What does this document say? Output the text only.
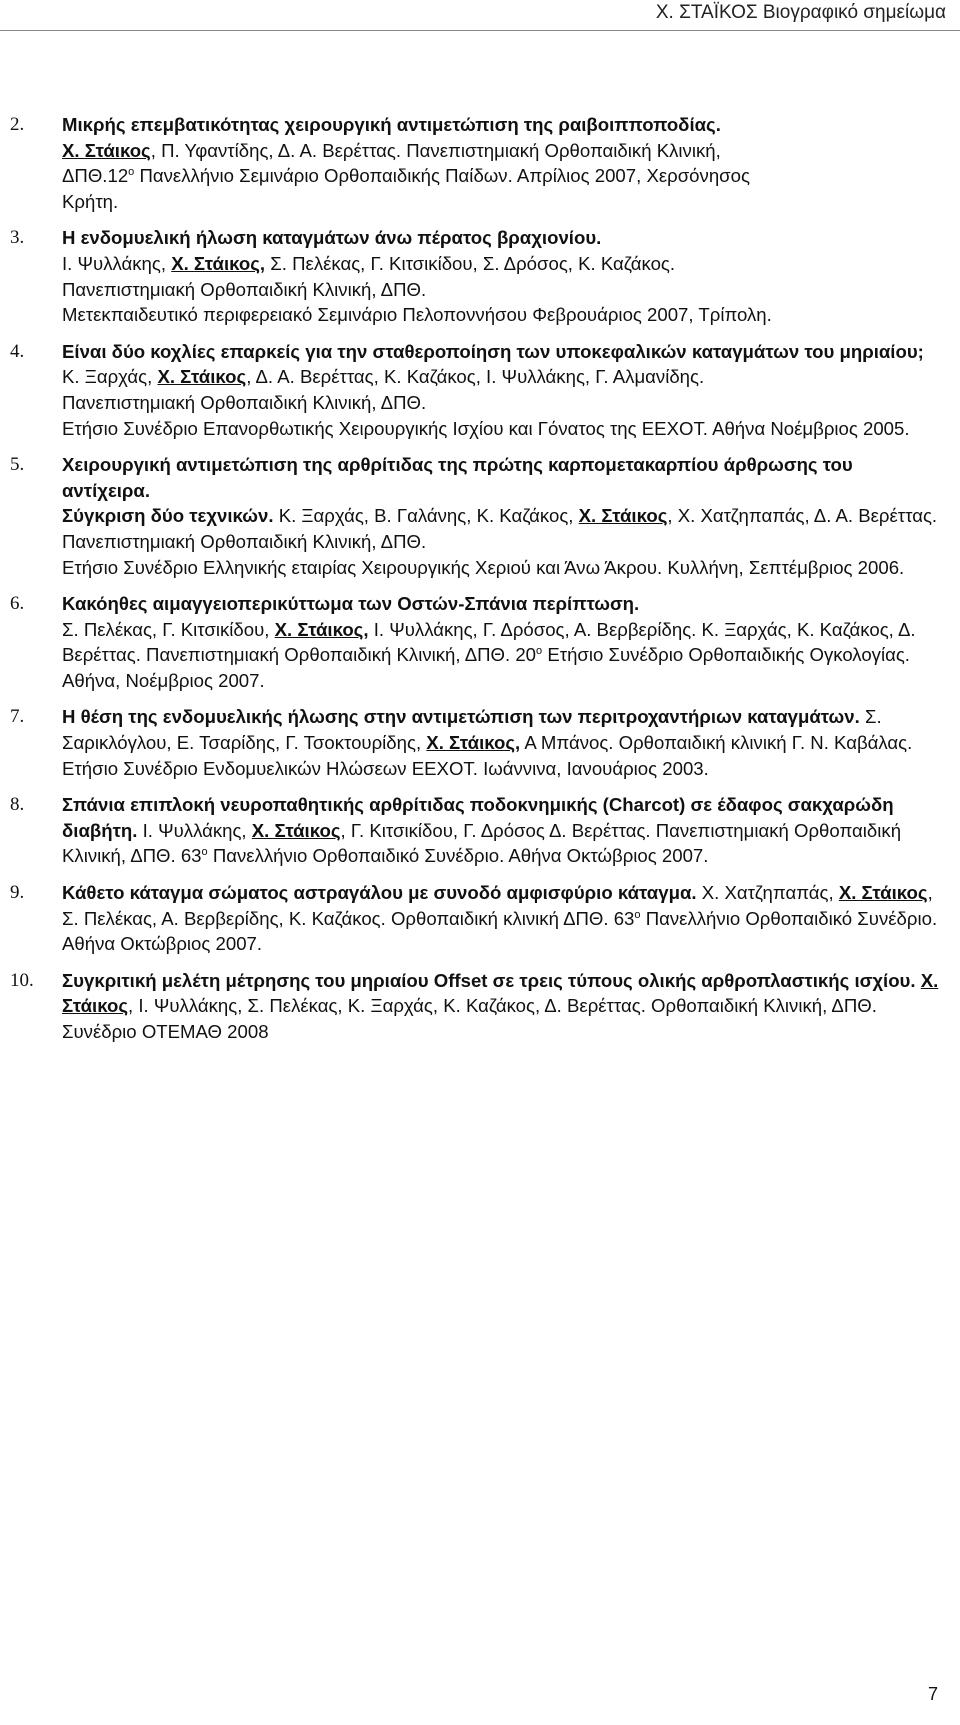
Χ. ΣΤΑΪΚΟΣ Βιογραφικό σημείωμα
2. Μικρής επεμβατικότητας χειρουργική αντιμετώπιση της ραιβοιπποποδίας.
Χ. Στάικος, Π. Υφαντίδης, Δ. Α. Βερέττας. Πανεπιστημιακή Ορθοπαιδική Κλινική,
$\Delta\Pi\Theta.12^o$ Πανελλήνιο Σεμινάριο Ορθοπαιδικής Παίδων. Απρίλιος 2007, Χερσόνησος
Κρήτη.
3. Η ενδομυελική ήλωση καταγμάτων άνω πέρατος βραχιονίου.
Ι. Ψυλλάκης, Χ. Στάικος, Σ. Πελέκας, Γ. Κιτσικίδου, Σ. Δρόσος, Κ. Καζάκος.
Πανεπιστημιακή Ορθοπαιδική Κλινική, ΔΠΘ.
Μετεκπαιδευτικό περιφερειακό Σεμινάριο Πελοποννήσου Φεβρουάριος 2007, Τρίπολη.
4. Είναι δύο κοχλίες επαρκείς για την σταθεροποίηση των υποκεφαλικών καταγμάτων του μηριαίου;
Κ. Ξαρχάς, Χ. Στάικος, Δ. Α. Βερέττας, Κ. Καζάκος, Ι. Ψυλλάκης, Γ. Αλμανίδης.
Πανεπιστημιακή Ορθοπαιδική Κλινική, ΔΠΘ.
Ετήσιο Συνέδριο Επανορθωτικής Χειρουργικής Ισχίου και Γόνατος της ΕΕΧΟΤ. Αθήνα Νοέμβριος 2005.
5. Χειρουργική αντιμετώπιση της αρθρίτιδας της πρώτης καρπομετακαρπίου άρθρωσης του αντίχειρα.
Σύγκριση δύο τεχνικών. Κ. Ξαρχάς, Β. Γαλάνης, Κ. Καζάκος, Χ. Στάικος, Χ. Χατζηπαπάς, Δ. Α. Βερέττας. Πανεπιστημιακή Ορθοπαιδική Κλινική, ΔΠΘ.
Ετήσιο Συνέδριο Ελληνικής εταιρίας Χειρουργικής Χεριού και Άνω Άκρου. Κυλλήνη, Σεπτέμβριος 2006.
6. Κακόηθες αιμαγγειοπερικύττωμα των Οστών-Σπάνια περίπτωση.
Σ. Πελέκας, Γ. Κιτσικίδου, Χ. Στάικος, Ι. Ψυλλάκης, Γ. Δρόσος, Α. Βερβερίδης. Κ. Ξαρχάς, Κ. Καζάκος, Δ. Βερέττας. Πανεπιστημιακή Ορθοπαιδική Κλινική, ΔΠΘ. $20^o$ Ετήσιο Συνέδριο Ορθοπαιδικής Ογκολογίας. Αθήνα, Νοέμβριος 2007.
7. Η θέση της ενδομυελικής ήλωσης στην αντιμετώπιση των περιτροχαντήριων καταγμάτων. Σ. Σαρικλόγλου, Ε. Τσαρίδης, Γ. Τσοκτουρίδης, Χ. Στάικος, Α Μπάνος. Ορθοπαιδική κλινική Γ. Ν. Καβάλας. Ετήσιο Συνέδριο Ενδομυελικών Ηλώσεων ΕΕΧΟΤ. Ιωάννινα, Ιανουάριος 2003.
8. Σπάνια επιπλοκή νευροπαθητικής αρθρίτιδας ποδοκνημικής (Charcot) σε έδαφος σακχαρώδη διαβήτη. Ι. Ψυλλάκης, Χ. Στάικος, Γ. Κιτσικίδου, Γ. Δρόσος Δ. Βερέττας. Πανεπιστημιακή Ορθοπαιδική Κλινική, ΔΠΘ. $63^o$ Πανελλήνιο Ορθοπαιδικό Συνέδριο. Αθήνα Οκτώβριος 2007.
9. Κάθετο κάταγμα σώματος αστραγάλου με συνοδό αμφισφύριο κάταγμα. Χ. Χατζηπαπάς, Χ. Στάικος, Σ. Πελέκας, Α. Βερβερίδης, Κ. Καζάκος. Ορθοπαιδική κλινική ΔΠΘ. $63^o$ Πανελλήνιο Ορθοπαιδικό Συνέδριο. Αθήνα Οκτώβριος 2007.
10. Συγκριτική μελέτη μέτρησης του μηριαίου Offset σε τρεις τύπους ολικής αρθροπλαστικής ισχίου. Χ. Στάικος, Ι. Ψυλλάκης, Σ. Πελέκας, Κ. Ξαρχάς, Κ. Καζάκος, Δ. Βερέττας. Ορθοπαιδική Κλινική, ΔΠΘ. Συνέδριο ΟΤΕΜΑΘ 2008
7
